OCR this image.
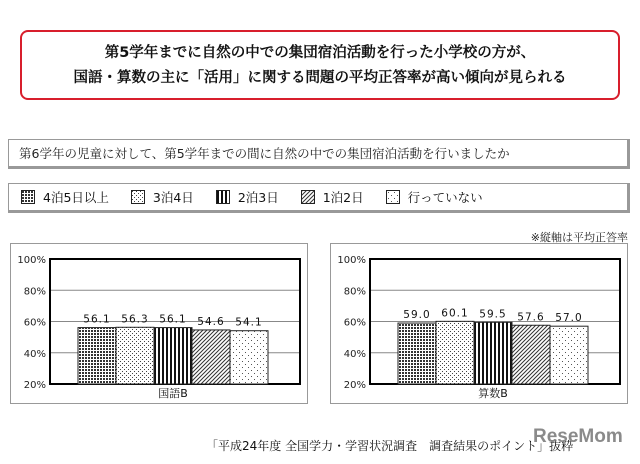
第5学年までに自然の中での集団宿泊活動を行った小学校の方が、
国語・算数の主に「活用」に関する問題の平均正答率が高い傾向が見られる
第6学年の児童に対して、第5学年までの間に自然の中での集団宿泊活動を行いましたか
4泊5日以上	3泊4日	2泊3日	1泊2日	行っていない
※縦軸は平均正答率
20%
40%
60%
80%
100%
56.1 56.3 56.1 54.6 54.1
国語B
20%
40%
60%
80%
100%
59.0 60.1 59.5 57.6 57.0
算数B
「平成24年度 全国学力・学習状況調査　調査結果のポイント」抜粋
ReseMom
